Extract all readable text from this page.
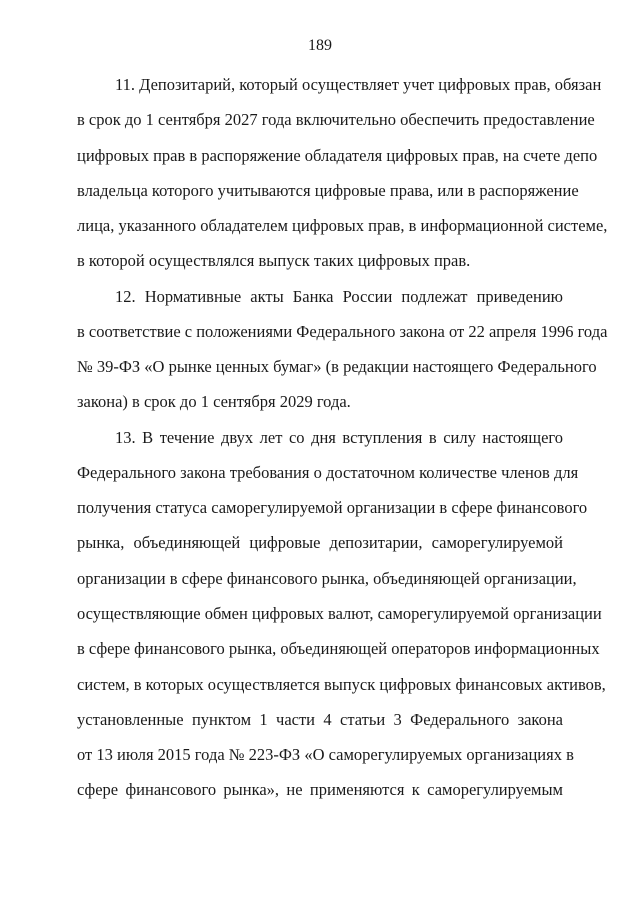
189
11. Депозитарий, который осуществляет учет цифровых прав, обязан
в срок до 1 сентября 2027 года включительно обеспечить предоставление
цифровых прав в распоряжение обладателя цифровых прав, на счете депо
владельца которого учитываются цифровые права, или в распоряжение
лица, указанного обладателем цифровых прав, в информационной системе,
в которой осуществлялся выпуск таких цифровых прав.
12. Нормативные акты Банка России подлежат приведению
в соответствие с положениями Федерального закона от 22 апреля 1996 года
№ 39-ФЗ «О рынке ценных бумаг» (в редакции настоящего Федерального
закона) в срок до 1 сентября 2029 года.
13. В течение двух лет со дня вступления в силу настоящего
Федерального закона требования о достаточном количестве членов для
получения статуса саморегулируемой организации в сфере финансового
рынка, объединяющей цифровые депозитарии, саморегулируемой
организации в сфере финансового рынка, объединяющей организации,
осуществляющие обмен цифровых валют, саморегулируемой организации
в сфере финансового рынка, объединяющей операторов информационных
систем, в которых осуществляется выпуск цифровых финансовых активов,
установленные пунктом 1 части 4 статьи 3 Федерального закона
от 13 июля 2015 года № 223-ФЗ «О саморегулируемых организациях в
сфере финансового рынка», не применяются к саморегулируемым
